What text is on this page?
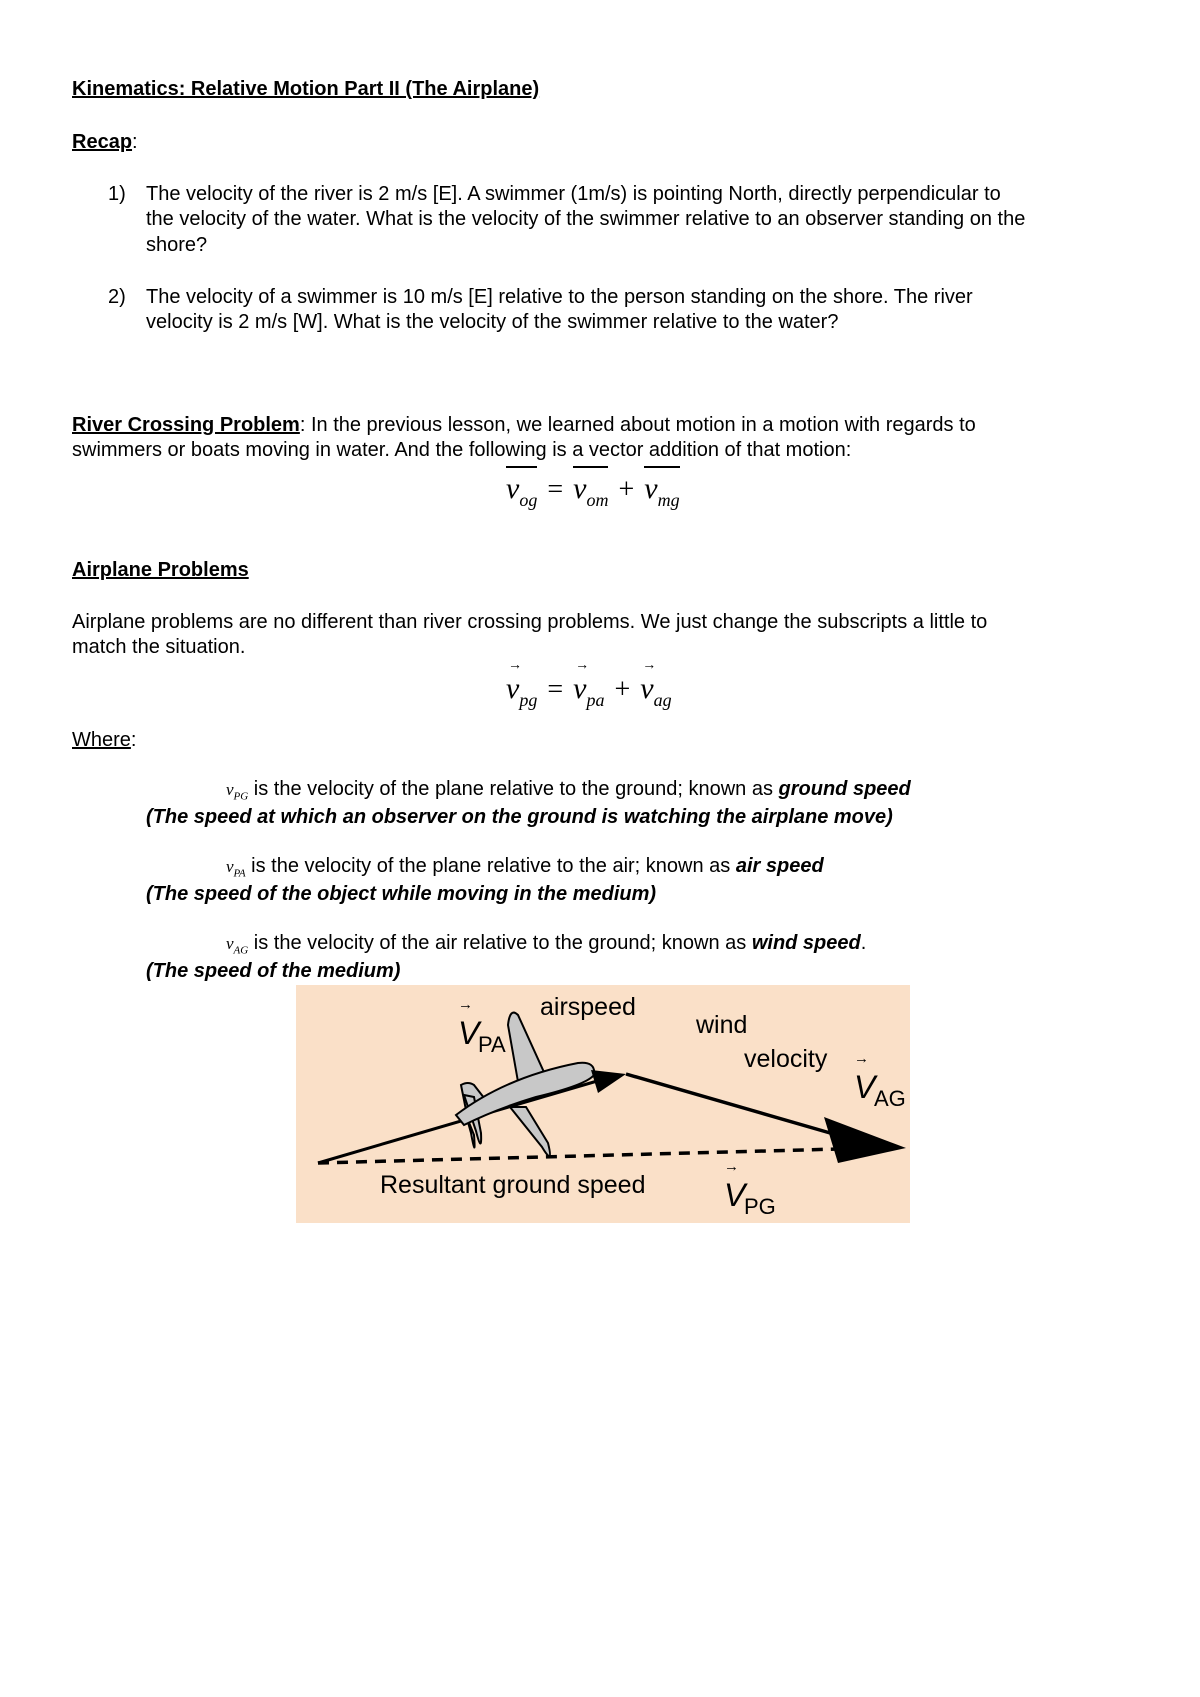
Kinematics: Relative Motion Part II (The Airplane)
Recap:
1) The velocity of the river is 2 m/s [E]. A swimmer (1m/s) is pointing North, directly perpendicular to
the velocity of the water. What is the velocity of the swimmer relative to an observer standing on the
shore?
2) The velocity of a swimmer is 10 m/s [E] relative to the person standing on the shore. The river
velocity is 2 m/s [W]. What is the velocity of the swimmer relative to the water?
River Crossing Problem: In the previous lesson, we learned about motion in a motion with regards to
swimmers or boats moving in water. And the following is a vector addition of that motion:
vog = vom + vmg
Airplane Problems
Airplane problems are no different than river crossing problems. We just change the subscripts a little to
match the situation.
→
vpg =
→
vpa +
→
vag
Where:
$v_{PG}$ is the velocity of the plane relative to the ground; known as ground speed
(The speed at which an observer on the ground is watching the airplane move)
$v_{PA}$ is the velocity of the plane relative to the air; known as air speed
(The speed of the object while moving in the medium)
$v_{AG}$ is the velocity of the air relative to the ground; known as wind speed.
(The speed of the medium)
airspeed
wind
velocity
Resultant ground speed
→
V
PA
→
V
AG
→
V
PG
